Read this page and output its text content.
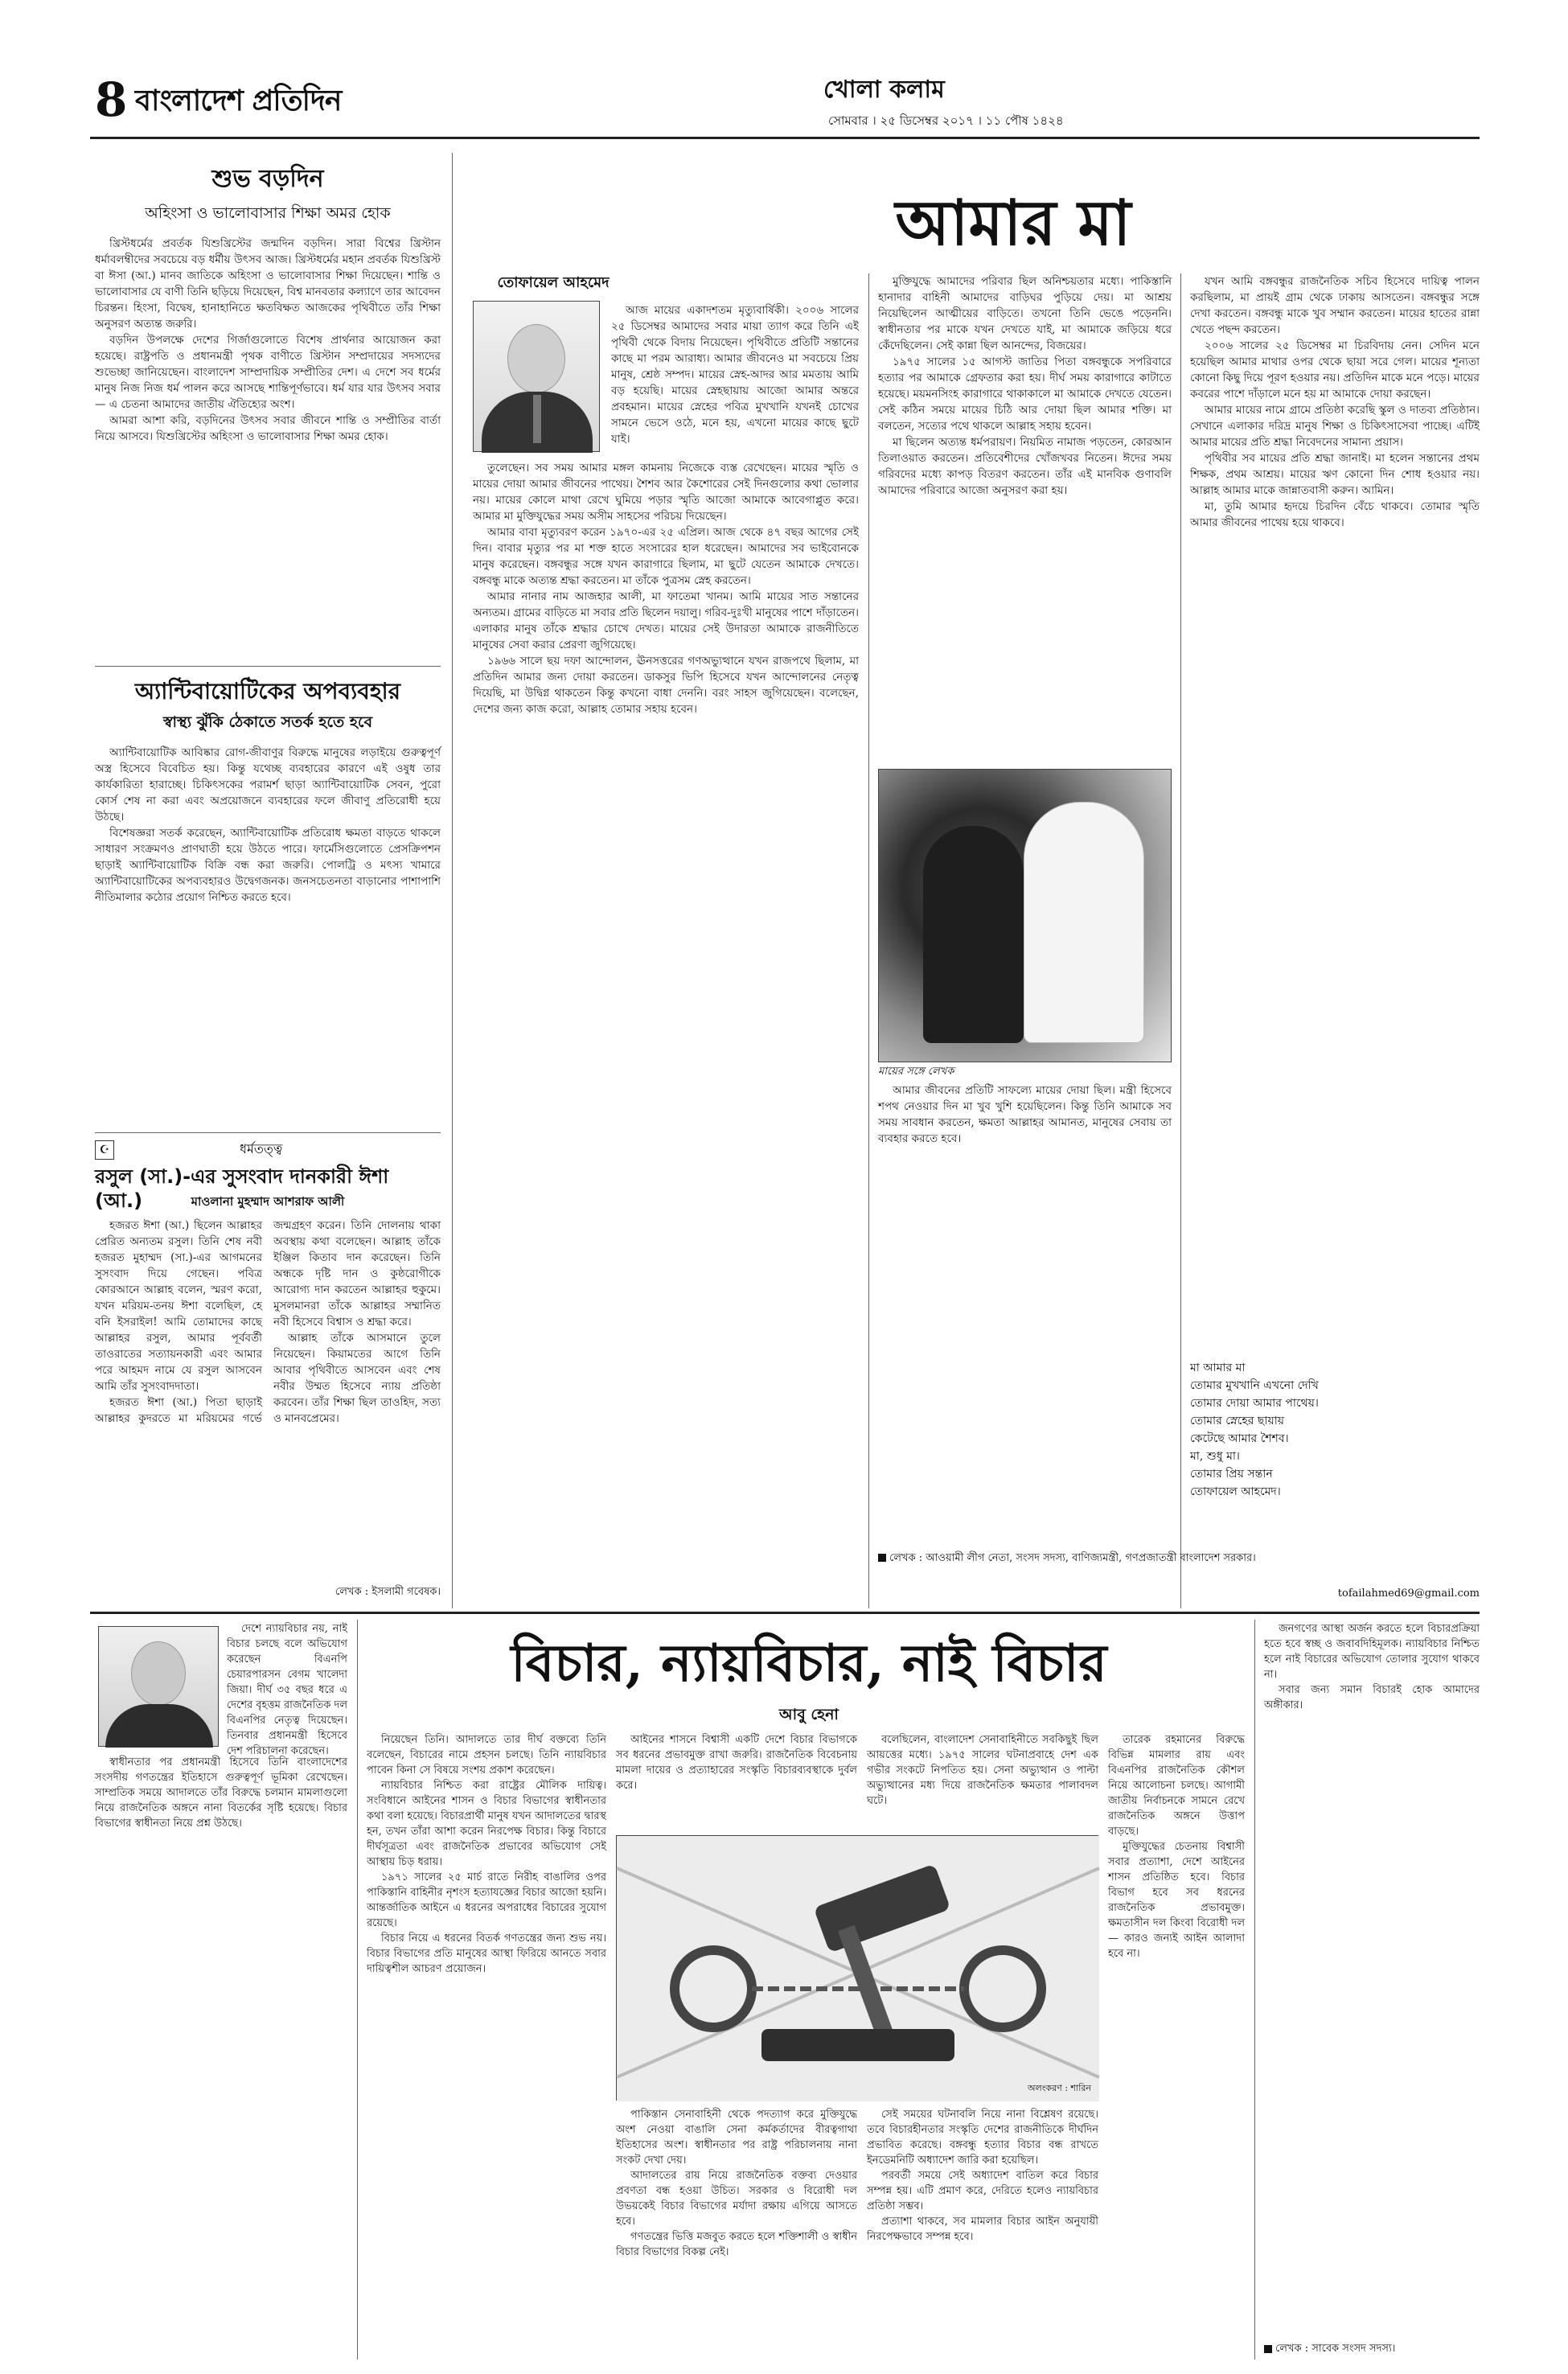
8 বাংলাদেশ প্রতিদিন	খোলা কলাম
সোমবার । ২৫ ডিসেম্বর ২০১৭ । ১১ পৌষ ১৪২৪
শুভ বড়দিন
অহিংসা ও ভালোবাসার শিক্ষা অমর হোক

খ্রিস্টধর্মের প্রবর্তক যিশুখ্রিস্টের জন্মদিন বড়দিন। সারা বিশ্বের খ্রিস্টান ধর্মাবলম্বীদের সবচেয়ে বড় ধর্মীয় উৎসব আজ। খ্রিস্টধর্মের মহান প্রবর্তক যিশুখ্রিস্ট বা ঈসা (আ.) মানব জাতিকে অহিংসা ও ভালোবাসার শিক্ষা দিয়েছেন। শান্তি ও ভালোবাসার যে বাণী তিনি ছড়িয়ে দিয়েছেন, বিশ্ব মানবতার কল্যাণে তার আবেদন চিরন্তন। হিংসা, বিদ্বেষ, হানাহানিতে ক্ষতবিক্ষত আজকের পৃথিবীতে তাঁর শিক্ষা অনুসরণ অত্যন্ত জরুরি।

বড়দিন উপলক্ষে দেশের গির্জাগুলোতে বিশেষ প্রার্থনার আয়োজন করা হয়েছে। রাষ্ট্রপতি ও প্রধানমন্ত্রী পৃথক বাণীতে খ্রিস্টান সম্প্রদায়ের সদস্যদের শুভেচ্ছা জানিয়েছেন। বাংলাদেশ সাম্প্রদায়িক সম্প্রীতির দেশ। এ দেশে সব ধর্মের মানুষ নিজ নিজ ধর্ম পালন করে আসছে শান্তিপূর্ণভাবে। ধর্ম যার যার উৎসব সবার — এ চেতনা আমাদের জাতীয় ঐতিহ্যের অংশ।

আমরা আশা করি, বড়দিনের উৎসব সবার জীবনে শান্তি ও সম্প্রীতির বার্তা নিয়ে আসবে। যিশুখ্রিস্টের অহিংসা ও ভালোবাসার শিক্ষা অমর হোক।

অ্যান্টিবায়োটিকের অপব্যবহার
স্বাস্থ্য ঝুঁকি ঠেকাতে সতর্ক হতে হবে

অ্যান্টিবায়োটিক আবিষ্কার রোগ-জীবাণুর বিরুদ্ধে মানুষের লড়াইয়ে গুরুত্বপূর্ণ অস্ত্র হিসেবে বিবেচিত হয়। কিন্তু যথেচ্ছ ব্যবহারের কারণে এই ওষুধ তার কার্যকারিতা হারাচ্ছে। চিকিৎসকের পরামর্শ ছাড়া অ্যান্টিবায়োটিক সেবন, পুরো কোর্স শেষ না করা এবং অপ্রয়োজনে ব্যবহারের ফলে জীবাণু প্রতিরোধী হয়ে উঠছে।

বিশেষজ্ঞরা সতর্ক করেছেন, অ্যান্টিবায়োটিক প্রতিরোধ ক্ষমতা বাড়তে থাকলে সাধারণ সংক্রমণও প্রাণঘাতী হয়ে উঠতে পারে। ফার্মেসিগুলোতে প্রেসক্রিপশন ছাড়াই অ্যান্টিবায়োটিক বিক্রি বন্ধ করা জরুরি। পোলট্রি ও মৎস্য খামারে অ্যান্টিবায়োটিকের অপব্যবহারও উদ্বেগজনক। জনসচেতনতা বাড়ানোর পাশাপাশি নীতিমালার কঠোর প্রয়োগ নিশ্চিত করতে হবে।

☪	ধর্মতত্ত্ব
রসুল (সা.)-এর সুসংবাদ দানকারী ঈশা (আ.)	মাওলানা মুহম্মাদ আশরাফ আলী

হজরত ঈশা (আ.) ছিলেন আল্লাহর প্রেরিত অন্যতম রসুল। তিনি শেষ নবী হজরত মুহাম্মদ (সা.)-এর আগমনের সুসংবাদ দিয়ে গেছেন। পবিত্র কোরআনে আল্লাহ বলেন, স্মরণ করো, যখন মরিয়ম-তনয় ঈশা বলেছিল, হে বনি ইসরাইল! আমি তোমাদের কাছে আল্লাহর রসুল, আমার পূর্ববর্তী তাওরাতের সত্যায়নকারী এবং আমার পরে আহমদ নামে যে রসুল আসবেন আমি তাঁর সুসংবাদদাতা।

হজরত ঈশা (আ.) পিতা ছাড়াই আল্লাহর কুদরতে মা মরিয়মের গর্ভে জন্মগ্রহণ করেন। তিনি দোলনায় থাকা অবস্থায় কথা বলেছেন। আল্লাহ তাঁকে ইঞ্জিল কিতাব দান করেছেন। তিনি অন্ধকে দৃষ্টি দান ও কুষ্ঠরোগীকে আরোগ্য দান করতেন আল্লাহর হুকুমে। মুসলমানরা তাঁকে আল্লাহর সম্মানিত নবী হিসেবে বিশ্বাস ও শ্রদ্ধা করে।

আল্লাহ তাঁকে আসমানে তুলে নিয়েছেন। কিয়ামতের আগে তিনি আবার পৃথিবীতে আসবেন এবং শেষ নবীর উম্মত হিসেবে ন্যায় প্রতিষ্ঠা করবেন। তাঁর শিক্ষা ছিল তাওহিদ, সত্য ও মানবপ্রেমের।

লেখক : ইসলামী গবেষক।
আমার মা
তোফায়েল আহমেদ

আজ মায়ের একাদশতম মৃত্যুবার্ষিকী। ২০০৬ সালের ২৫ ডিসেম্বর আমাদের সবার মায়া ত্যাগ করে তিনি এই পৃথিবী থেকে বিদায় নিয়েছেন। পৃথিবীতে প্রতিটি সন্তানের কাছে মা পরম আরাধ্য। আমার জীবনেও মা সবচেয়ে প্রিয় মানুষ, শ্রেষ্ঠ সম্পদ। মায়ের স্নেহ-আদর আর মমতায় আমি বড় হয়েছি। মায়ের স্নেহছায়ায় আজো আমার অন্তরে প্রবহমান। মায়ের স্নেহের পবিত্র মুখখানি যখনই চোখের সামনে ভেসে ওঠে, মনে হয়, এখনো মায়ের কাছে ছুটে যাই।

তুলেছেন। সব সময় আমার মঙ্গল কামনায় নিজেকে ব্যস্ত রেখেছেন। মায়ের স্মৃতি ও মায়ের দোয়া আমার জীবনের পাথেয়। শৈশব আর কৈশোরের সেই দিনগুলোর কথা ভোলার নয়। মায়ের কোলে মাথা রেখে ঘুমিয়ে পড়ার স্মৃতি আজো আমাকে আবেগাপ্লুত করে। আমার মা মুক্তিযুদ্ধের সময় অসীম সাহসের পরিচয় দিয়েছেন।

আমার বাবা মৃত্যুবরণ করেন ১৯৭০-এর ২৫ এপ্রিল। আজ থেকে ৪৭ বছর আগের সেই দিন। বাবার মৃত্যুর পর মা শক্ত হাতে সংসারের হাল ধরেছেন। আমাদের সব ভাইবোনকে মানুষ করেছেন। বঙ্গবন্ধুর সঙ্গে যখন কারাগারে ছিলাম, মা ছুটে যেতেন আমাকে দেখতে। বঙ্গবন্ধু মাকে অত্যন্ত শ্রদ্ধা করতেন। মা তাঁকে পুত্রসম স্নেহ করতেন।

আমার নানার নাম আজহার আলী, মা ফাতেমা খানম। আমি মায়ের সাত সন্তানের অন্যতম। গ্রামের বাড়িতে মা সবার প্রতি ছিলেন দয়ালু। গরিব-দুঃখী মানুষের পাশে দাঁড়াতেন। এলাকার মানুষ তাঁকে শ্রদ্ধার চোখে দেখত। মায়ের সেই উদারতা আমাকে রাজনীতিতে মানুষের সেবা করার প্রেরণা জুগিয়েছে।

১৯৬৬ সালে ছয় দফা আন্দোলন, ঊনসত্তরের গণঅভ্যুত্থানে যখন রাজপথে ছিলাম, মা প্রতিদিন আমার জন্য দোয়া করতেন। ডাকসুর ভিপি হিসেবে যখন আন্দোলনের নেতৃত্ব দিয়েছি, মা উদ্বিগ্ন থাকতেন কিন্তু কখনো বাধা দেননি। বরং সাহস জুগিয়েছেন। বলেছেন, দেশের জন্য কাজ করো, আল্লাহ তোমার সহায় হবেন।

মুক্তিযুদ্ধে আমাদের পরিবার ছিল অনিশ্চয়তার মধ্যে। পাকিস্তানি হানাদার বাহিনী আমাদের বাড়িঘর পুড়িয়ে দেয়। মা আশ্রয় নিয়েছিলেন আত্মীয়ের বাড়িতে। তখনো তিনি ভেঙে পড়েননি। স্বাধীনতার পর মাকে যখন দেখতে যাই, মা আমাকে জড়িয়ে ধরে কেঁদেছিলেন। সেই কান্না ছিল আনন্দের, বিজয়ের।

১৯৭৫ সালের ১৫ আগস্ট জাতির পিতা বঙ্গবন্ধুকে সপরিবারে হত্যার পর আমাকে গ্রেফতার করা হয়। দীর্ঘ সময় কারাগারে কাটাতে হয়েছে। ময়মনসিংহ কারাগারে থাকাকালে মা আমাকে দেখতে যেতেন। সেই কঠিন সময়ে মায়ের চিঠি আর দোয়া ছিল আমার শক্তি। মা বলতেন, সত্যের পথে থাকলে আল্লাহ সহায় হবেন।

মা ছিলেন অত্যন্ত ধর্মপরায়ণ। নিয়মিত নামাজ পড়তেন, কোরআন তিলাওয়াত করতেন। প্রতিবেশীদের খোঁজখবর নিতেন। ঈদের সময় গরিবদের মধ্যে কাপড় বিতরণ করতেন। তাঁর এই মানবিক গুণাবলি আমাদের পরিবারে আজো অনুসরণ করা হয়।

মায়ের সঙ্গে লেখক

আমার জীবনের প্রতিটি সাফল্যে মায়ের দোয়া ছিল। মন্ত্রী হিসেবে শপথ নেওয়ার দিন মা খুব খুশি হয়েছিলেন। কিন্তু তিনি আমাকে সব সময় সাবধান করতেন, ক্ষমতা আল্লাহর আমানত, মানুষের সেবায় তা ব্যবহার করতে হবে।

যখন আমি বঙ্গবন্ধুর রাজনৈতিক সচিব হিসেবে দায়িত্ব পালন করছিলাম, মা প্রায়ই গ্রাম থেকে ঢাকায় আসতেন। বঙ্গবন্ধুর সঙ্গে দেখা করতেন। বঙ্গবন্ধু মাকে খুব সম্মান করতেন। মায়ের হাতের রান্না খেতে পছন্দ করতেন।

২০০৬ সালের ২৫ ডিসেম্বর মা চিরবিদায় নেন। সেদিন মনে হয়েছিল আমার মাথার ওপর থেকে ছায়া সরে গেল। মায়ের শূন্যতা কোনো কিছু দিয়ে পূরণ হওয়ার নয়। প্রতিদিন মাকে মনে পড়ে। মায়ের কবরের পাশে দাঁড়ালে মনে হয় মা আমাকে দোয়া করছেন।

আমার মায়ের নামে গ্রামে প্রতিষ্ঠা করেছি স্কুল ও দাতব্য প্রতিষ্ঠান। সেখানে এলাকার দরিদ্র মানুষ শিক্ষা ও চিকিৎসাসেবা পাচ্ছে। এটিই আমার মায়ের প্রতি শ্রদ্ধা নিবেদনের সামান্য প্রয়াস।

পৃথিবীর সব মায়ের প্রতি শ্রদ্ধা জানাই। মা হলেন সন্তানের প্রথম শিক্ষক, প্রথম আশ্রয়। মায়ের ঋণ কোনো দিন শোধ হওয়ার নয়। আল্লাহ আমার মাকে জান্নাতবাসী করুন। আমিন।

মা, তুমি আমার হৃদয়ে চিরদিন বেঁচে থাকবে। তোমার স্মৃতি আমার জীবনের পাথেয় হয়ে থাকবে।

মা আমার মা
তোমার মুখখানি এখনো দেখি
তোমার দোয়া আমার পাথেয়।
তোমার স্নেহের ছায়ায়
কেটেছে আমার শৈশব।
মা, শুধু মা।
তোমার প্রিয় সন্তান
তোফায়েল আহমেদ।
লেখক : আওয়ামী লীগ নেতা, সংসদ সদস্য, বাণিজ্যমন্ত্রী, গণপ্রজাতন্ত্রী বাংলাদেশ সরকার।
tofailahmed69@gmail.com

দেশে ন্যায়বিচার নয়, নাই বিচার চলছে বলে অভিযোগ করেছেন বিএনপি চেয়ারপারসন বেগম খালেদা জিয়া। দীর্ঘ ৩৫ বছর ধরে এ দেশের বৃহত্তম রাজনৈতিক দল বিএনপির নেতৃত্ব দিয়েছেন। তিনবার প্রধানমন্ত্রী হিসেবে দেশ পরিচালনা করেছেন।

স্বাধীনতার পর প্রধানমন্ত্রী হিসেবে তিনি বাংলাদেশের সংসদীয় গণতন্ত্রের ইতিহাসে গুরুত্বপূর্ণ ভূমিকা রেখেছেন। সাম্প্রতিক সময়ে আদালতে তাঁর বিরুদ্ধে চলমান মামলাগুলো নিয়ে রাজনৈতিক অঙ্গনে নানা বিতর্কের সৃষ্টি হয়েছে। বিচার বিভাগের স্বাধীনতা নিয়ে প্রশ্ন উঠছে।

বিচার, ন্যায়বিচার, নাই বিচার
আবু হেনা

নিয়েছেন তিনি। আদালতে তার দীর্ঘ বক্তব্যে তিনি বলেছেন, বিচারের নামে প্রহসন চলছে। তিনি ন্যায়বিচার পাবেন কিনা সে বিষয়ে সংশয় প্রকাশ করেছেন।

ন্যায়বিচার নিশ্চিত করা রাষ্ট্রের মৌলিক দায়িত্ব। সংবিধানে আইনের শাসন ও বিচার বিভাগের স্বাধীনতার কথা বলা হয়েছে। বিচারপ্রার্থী মানুষ যখন আদালতের দ্বারস্থ হন, তখন তাঁরা আশা করেন নিরপেক্ষ বিচার। কিন্তু বিচারে দীর্ঘসূত্রতা এবং রাজনৈতিক প্রভাবের অভিযোগ সেই আস্থায় চিড় ধরায়।

১৯৭১ সালের ২৫ মার্চ রাতে নিরীহ বাঙালির ওপর পাকিস্তানি বাহিনীর নৃশংস হত্যাযজ্ঞের বিচার আজো হয়নি। আন্তর্জাতিক আইনে এ ধরনের অপরাধের বিচারের সুযোগ রয়েছে।

বিচার নিয়ে এ ধরনের বিতর্ক গণতন্ত্রের জন্য শুভ নয়। বিচার বিভাগের প্রতি মানুষের আস্থা ফিরিয়ে আনতে সবার দায়িত্বশীল আচরণ প্রয়োজন।

আইনের শাসনে বিশ্বাসী একটি দেশে বিচার বিভাগকে সব ধরনের প্রভাবমুক্ত রাখা জরুরি। রাজনৈতিক বিবেচনায় মামলা দায়ের ও প্রত্যাহারের সংস্কৃতি বিচারব্যবস্থাকে দুর্বল করে।

বলেছিলেন, বাংলাদেশ সেনাবাহিনীতে সবকিছুই ছিল আয়ত্তের মধ্যে। ১৯৭৫ সালের ঘটনাপ্রবাহে দেশ এক গভীর সংকটে নিপতিত হয়। সেনা অভ্যুত্থান ও পাল্টা অভ্যুত্থানের মধ্য দিয়ে রাজনৈতিক ক্ষমতার পালাবদল ঘটে।

অলংকরণ : শারিন

পাকিস্তান সেনাবাহিনী থেকে পদত্যাগ করে মুক্তিযুদ্ধে অংশ নেওয়া বাঙালি সেনা কর্মকর্তাদের বীরত্বগাথা ইতিহাসের অংশ। স্বাধীনতার পর রাষ্ট্র পরিচালনায় নানা সংকট দেখা দেয়।

আদালতের রায় নিয়ে রাজনৈতিক বক্তব্য দেওয়ার প্রবণতা বন্ধ হওয়া উচিত। সরকার ও বিরোধী দল উভয়কেই বিচার বিভাগের মর্যাদা রক্ষায় এগিয়ে আসতে হবে।

গণতন্ত্রের ভিত্তি মজবুত করতে হলে শক্তিশালী ও স্বাধীন বিচার বিভাগের বিকল্প নেই।

সেই সময়ের ঘটনাবলি নিয়ে নানা বিশ্লেষণ রয়েছে। তবে বিচারহীনতার সংস্কৃতি দেশের রাজনীতিকে দীর্ঘদিন প্রভাবিত করেছে। বঙ্গবন্ধু হত্যার বিচার বন্ধ রাখতে ইনডেমনিটি অধ্যাদেশ জারি করা হয়েছিল।

পরবর্তী সময়ে সেই অধ্যাদেশ বাতিল করে বিচার সম্পন্ন হয়। এটি প্রমাণ করে, দেরিতে হলেও ন্যায়বিচার প্রতিষ্ঠা সম্ভব।

প্রত্যাশা থাকবে, সব মামলার বিচার আইন অনুযায়ী নিরপেক্ষভাবে সম্পন্ন হবে।

তারেক রহমানের বিরুদ্ধে বিভিন্ন মামলার রায় এবং বিএনপির রাজনৈতিক কৌশল নিয়ে আলোচনা চলছে। আগামী জাতীয় নির্বাচনকে সামনে রেখে রাজনৈতিক অঙ্গনে উত্তাপ বাড়ছে।

মুক্তিযুদ্ধের চেতনায় বিশ্বাসী সবার প্রত্যাশা, দেশে আইনের শাসন প্রতিষ্ঠিত হবে। বিচার বিভাগ হবে সব ধরনের রাজনৈতিক প্রভাবমুক্ত। ক্ষমতাসীন দল কিংবা বিরোধী দল — কারও জন্যই আইন আলাদা হবে না।

জনগণের আস্থা অর্জন করতে হলে বিচারপ্রক্রিয়া হতে হবে স্বচ্ছ ও জবাবদিহিমূলক। ন্যায়বিচার নিশ্চিত হলে নাই বিচারের অভিযোগ তোলার সুযোগ থাকবে না।

সবার জন্য সমান বিচারই হোক আমাদের অঙ্গীকার।

লেখক : সাবেক সংসদ সদস্য।
